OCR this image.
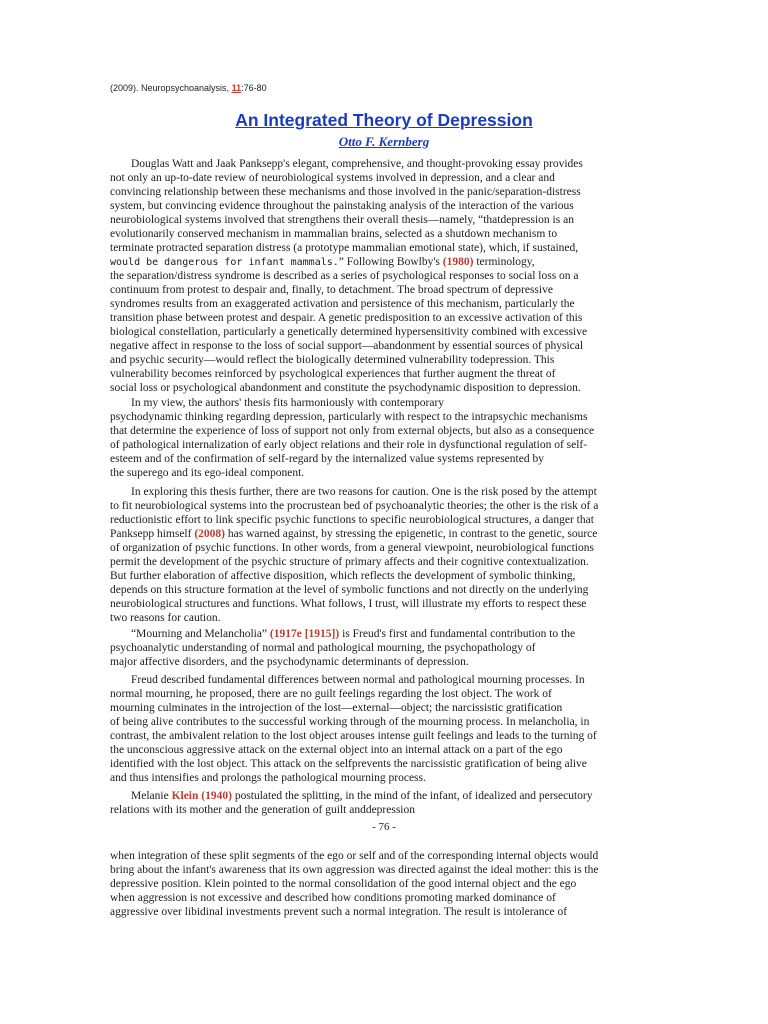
(2009). Neuropsychoanalysis, 11:76-80
An Integrated Theory of Depression
Otto F. Kernberg
Douglas Watt and Jaak Panksepp's elegant, comprehensive, and thought-provoking essay provides
not only an up-to-date review of neurobiological systems involved in depression, and a clear and
convincing relationship between these mechanisms and those involved in the panic/separation-distress
system, but convincing evidence throughout the painstaking analysis of the interaction of the various
neurobiological systems involved that strengthens their overall thesis—namely, “thatdepression is an
evolutionarily conserved mechanism in mammalian brains, selected as a shutdown mechanism to
terminate protracted separation distress (a prototype mammalian emotional state), which, if sustained,
would be dangerous for infant mammals.” Following Bowlby's (1980) terminology,
the separation/distress syndrome is described as a series of psychological responses to social loss on a
continuum from protest to despair and, finally, to detachment. The broad spectrum of depressive
syndromes results from an exaggerated activation and persistence of this mechanism, particularly the
transition phase between protest and despair. A genetic predisposition to an excessive activation of this
biological constellation, particularly a genetically determined hypersensitivity combined with excessive
negative affect in response to the loss of social support—abandonment by essential sources of physical
and psychic security—would reflect the biologically determined vulnerability todepression. This
vulnerability becomes reinforced by psychological experiences that further augment the threat of
social loss or psychological abandonment and constitute the psychodynamic disposition to depression.
In my view, the authors' thesis fits harmoniously with contemporary
psychodynamic thinking regarding depression, particularly with respect to the intrapsychic mechanisms
that determine the experience of loss of support not only from external objects, but also as a consequence
of pathological internalization of early object relations and their role in dysfunctional regulation of self-
esteem and of the confirmation of self-regard by the internalized value systems represented by
the superego and its ego-ideal component.
In exploring this thesis further, there are two reasons for caution. One is the risk posed by the attempt
to fit neurobiological systems into the procrustean bed of psychoanalytic theories; the other is the risk of a
reductionistic effort to link specific psychic functions to specific neurobiological structures, a danger that
Panksepp himself (2008) has warned against, by stressing the epigenetic, in contrast to the genetic, source
of organization of psychic functions. In other words, from a general viewpoint, neurobiological functions
permit the development of the psychic structure of primary affects and their cognitive contextualization.
But further elaboration of affective disposition, which reflects the development of symbolic thinking,
depends on this structure formation at the level of symbolic functions and not directly on the underlying
neurobiological structures and functions. What follows, I trust, will illustrate my efforts to respect these
two reasons for caution.
“Mourning and Melancholia” (1917e [1915]) is Freud's first and fundamental contribution to the
psychoanalytic understanding of normal and pathological mourning, the psychopathology of
major affective disorders, and the psychodynamic determinants of depression.
Freud described fundamental differences between normal and pathological mourning processes. In
normal mourning, he proposed, there are no guilt feelings regarding the lost object. The work of
mourning culminates in the introjection of the lost—external—object; the narcissistic gratification
of being alive contributes to the successful working through of the mourning process. In melancholia, in
contrast, the ambivalent relation to the lost object arouses intense guilt feelings and leads to the turning of
the unconscious aggressive attack on the external object into an internal attack on a part of the ego
identified with the lost object. This attack on the selfprevents the narcissistic gratification of being alive
and thus intensifies and prolongs the pathological mourning process.
Melanie Klein (1940) postulated the splitting, in the mind of the infant, of idealized and persecutory
relations with its mother and the generation of guilt anddepression
when integration of these split segments of the ego or self and of the corresponding internal objects would
bring about the infant's awareness that its own aggression was directed against the ideal mother: this is the
depressive position. Klein pointed to the normal consolidation of the good internal object and the ego
when aggression is not excessive and described how conditions promoting marked dominance of
aggressive over libidinal investments prevent such a normal integration. The result is intolerance of
- 76 -
